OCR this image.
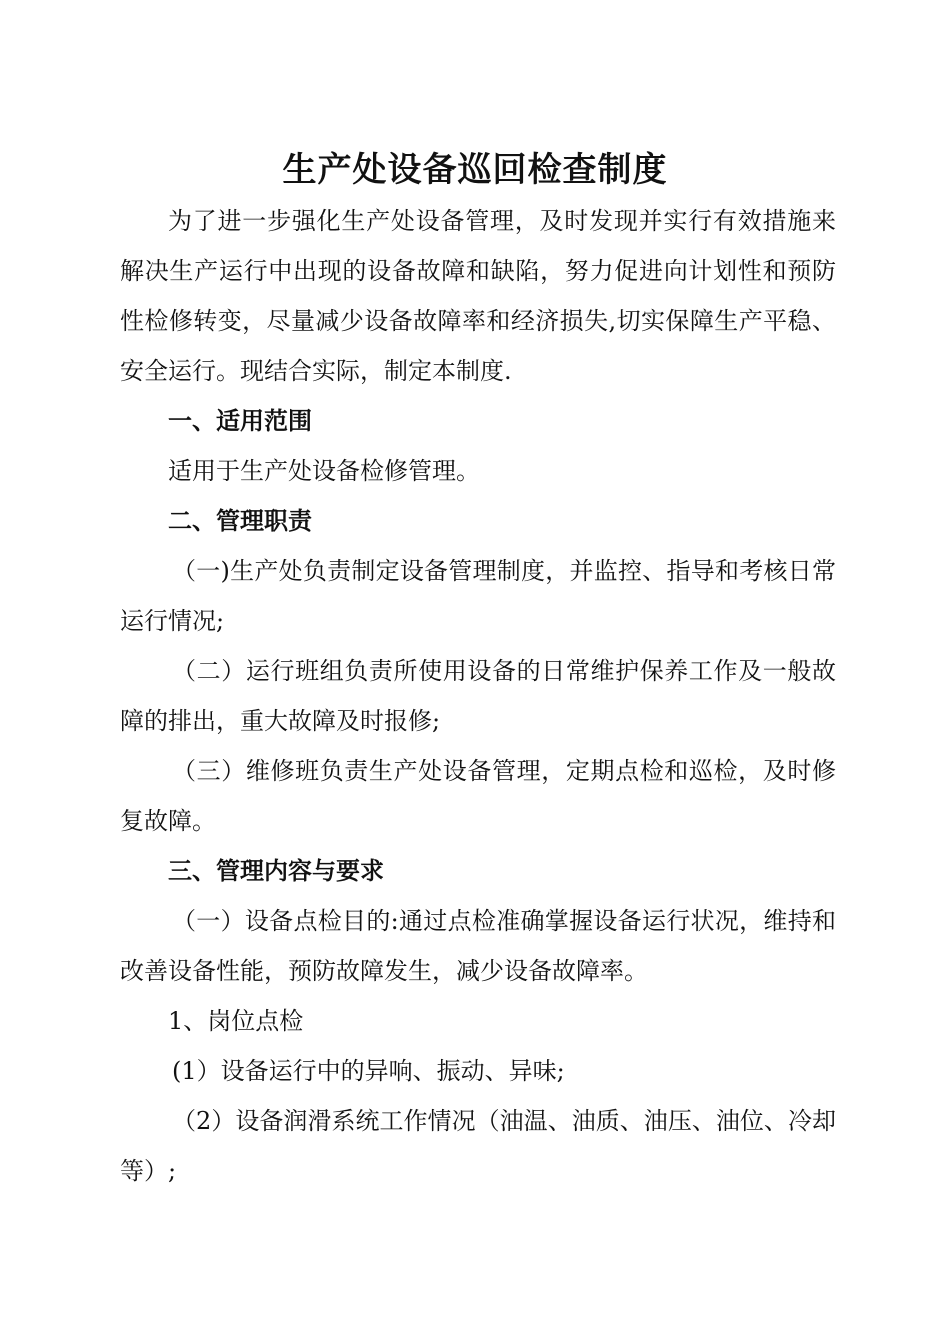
生产处设备巡回检查制度

为了进一步强化生产处设备管理，及时发现并实行有效措施来解决生产运行中出现的设备故障和缺陷，努力促进向计划性和预防性检修转变，尽量减少设备故障率和经济损失,切实保障生产平稳、安全运行。现结合实际，制定本制度.

一、适用范围

适用于生产处设备检修管理。

二、管理职责

（一)生产处负责制定设备管理制度，并监控、指导和考核日常运行情况;

（二）运行班组负责所使用设备的日常维护保养工作及一般故障的排出，重大故障及时报修;

（三）维修班负责生产处设备管理，定期点检和巡检，及时修复故障。

三、管理内容与要求

（一）设备点检目的:通过点检准确掌握设备运行状况，维持和改善设备性能，预防故障发生，减少设备故障率。

1、岗位点检

(1）设备运行中的异响、振动、异味;

（2）设备润滑系统工作情况（油温、油质、油压、油位、冷却等）;
